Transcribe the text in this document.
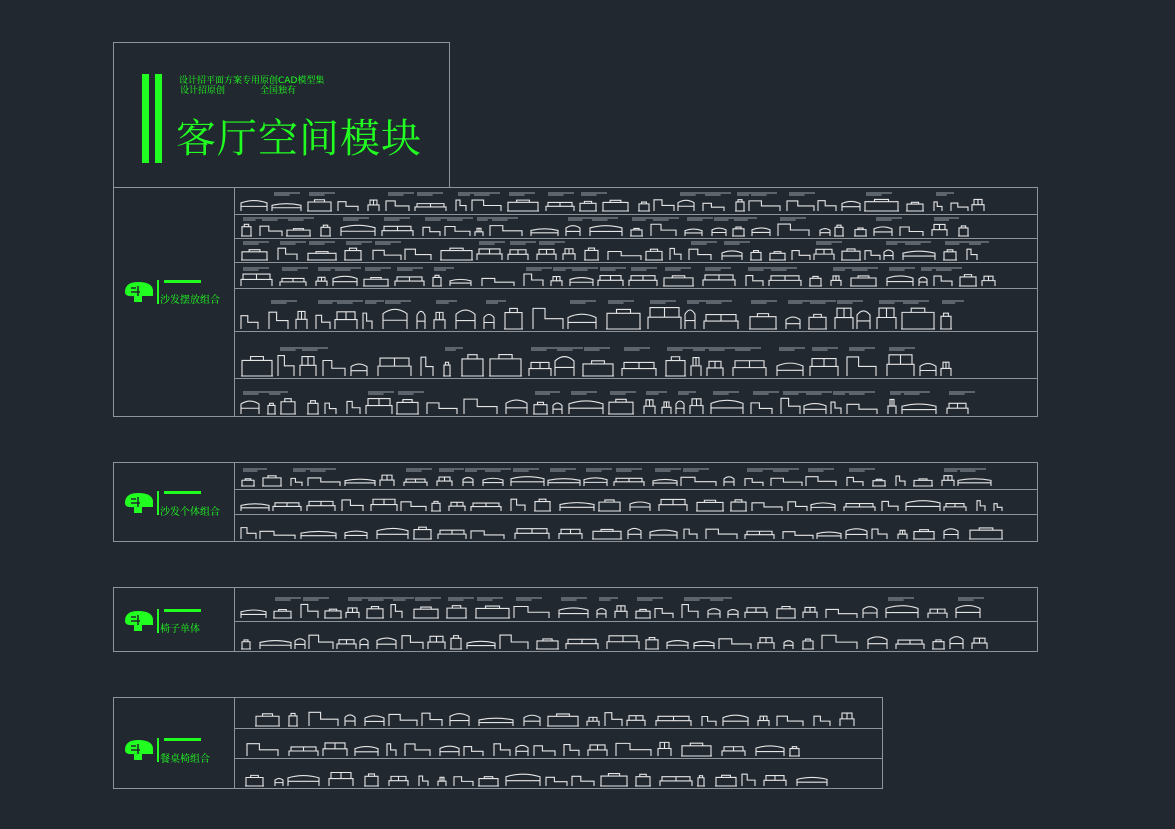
设计招平面方案专用原创CAD模型集
设计招原创	全国独有
客厅空间模块
沙发摆放组合
沙发个体组合
椅子单体
餐桌椅组合
